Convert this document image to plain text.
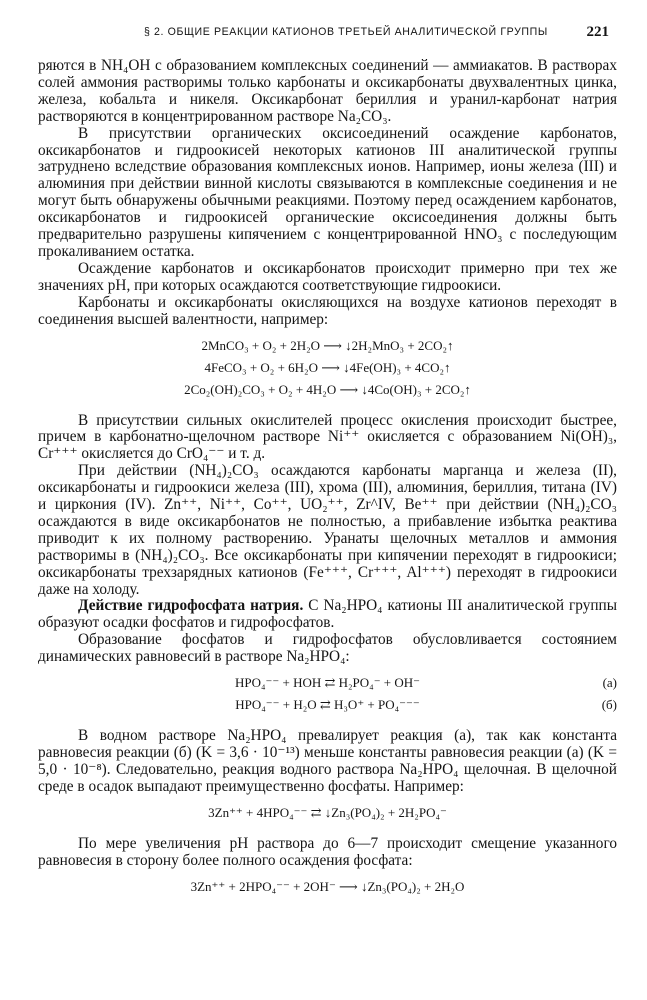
§ 2. ОБЩИЕ РЕАКЦИИ КАТИОНОВ ТРЕТЬЕЙ АНАЛИТИЧЕСКОЙ ГРУППЫ	221

ряются в NH₄OH с образованием комплексных соединений — аммиакатов. В растворах солей аммония растворимы только карбонаты и оксикарбонаты двухвалентных цинка, железа, кобальта и никеля. Оксикарбонат бериллия и уранил-карбонат натрия растворяются в концентрированном растворе Na₂CO₃.

В присутствии органических оксисоединений осаждение карбонатов, оксикарбонатов и гидроокисей некоторых катионов III аналитической группы затруднено вследствие образования комплексных ионов. Например, ионы железа (III) и алюминия при действии винной кислоты связываются в комплексные соединения и не могут быть обнаружены обычными реакциями. Поэтому перед осаждением карбонатов, оксикарбонатов и гидроокисей органические оксисоединения должны быть предварительно разрушены кипячением с концентрированной HNO₃ с последующим прокаливанием остатка.

Осаждение карбонатов и оксикарбонатов происходит примерно при тех же значениях pH, при которых осаждаются соответствующие гидроокиси.

Карбонаты и оксикарбонаты окисляющихся на воздухе катионов переходят в соединения высшей валентности, например:

2MnCO₃ + O₂ + 2H₂O ⟶ ↓2H₂MnO₃ + 2CO₂↑
4FeCO₃ + O₂ + 6H₂O ⟶ ↓4Fe(OH)₃ + 4CO₂↑
2Co₂(OH)₂CO₃ + O₂ + 4H₂O ⟶ ↓4Co(OH)₃ + 2CO₂↑

В присутствии сильных окислителей процесс окисления происходит быстрее, причем в карбонатно-щелочном растворе Ni⁺⁺ окисляется с образованием Ni(OH)₃, Cr⁺⁺⁺ окисляется до CrO₄⁻⁻ и т. д.

При действии (NH₄)₂CO₃ осаждаются карбонаты марганца и железа (II), оксикарбонаты и гидроокиси железа (III), хрома (III), алюминия, бериллия, титана (IV) и циркония (IV). Zn⁺⁺, Ni⁺⁺, Co⁺⁺, UO₂⁺⁺, Zr^IV, Be⁺⁺ при действии (NH₄)₂CO₃ осаждаются в виде оксикарбонатов не полностью, а прибавление избытка реактива приводит к их полному растворению. Уранаты щелочных металлов и аммония растворимы в (NH₄)₂CO₃. Все оксикарбонаты при кипячении переходят в гидроокиси; оксикарбонаты трехзарядных катионов (Fe⁺⁺⁺, Cr⁺⁺⁺, Al⁺⁺⁺) переходят в гидроокиси даже на холоду.

Действие гидрофосфата натрия. С Na₂HPO₄ катионы III аналитической группы образуют осадки фосфатов и гидрофосфатов.

Образование фосфатов и гидрофосфатов обусловливается состоянием динамических равновесий в растворе Na₂HPO₄:

HPO₄⁻⁻ + HOH ⇄ H₂PO₄⁻ + OH⁻	(а)
HPO₄⁻⁻ + H₂O ⇄ H₃O⁺ + PO₄⁻⁻⁻	(б)

В водном растворе Na₂HPO₄ превалирует реакция (а), так как константа равновесия реакции (б) (K = 3,6 · 10⁻¹³) меньше константы равновесия реакции (а) (K = 5,0 · 10⁻⁸). Следовательно, реакция водного раствора Na₂HPO₄ щелочная. В щелочной среде в осадок выпадают преимущественно фосфаты. Например:

3Zn⁺⁺ + 4HPO₄⁻⁻ ⇄ ↓Zn₃(PO₄)₂ + 2H₂PO₄⁻

По мере увеличения pH раствора до 6—7 происходит смещение указанного равновесия в сторону более полного осаждения фосфата:

3Zn⁺⁺ + 2HPO₄⁻⁻ + 2OH⁻ ⟶ ↓Zn₃(PO₄)₂ + 2H₂O
